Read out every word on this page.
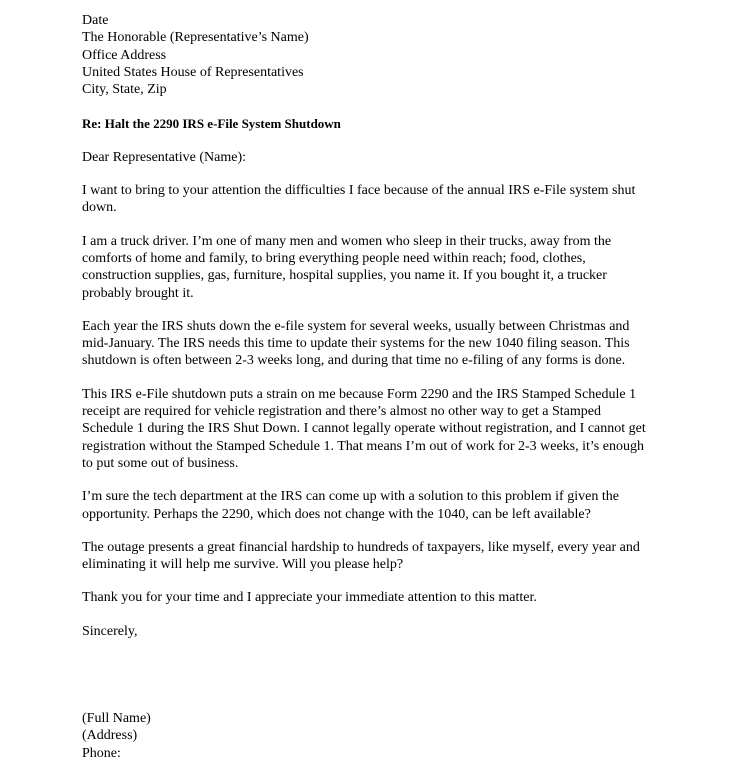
Date
The Honorable (Representative’s Name)
Office Address
United States House of Representatives
City, State, Zip

Re: Halt the 2290 IRS e-File System Shutdown

Dear Representative (Name):

I want to bring to your attention the difficulties I face because of the annual IRS e-File system shut down.

I am a truck driver. I’m one of many men and women who sleep in their trucks, away from the comforts of home and family, to bring everything people need within reach; food, clothes, construction supplies, gas, furniture, hospital supplies, you name it. If you bought it, a trucker probably brought it.

Each year the IRS shuts down the e-file system for several weeks, usually between Christmas and mid-January. The IRS needs this time to update their systems for the new 1040 filing season. This shutdown is often between 2-3 weeks long, and during that time no e-filing of any forms is done.

This IRS e-File shutdown puts a strain on me because Form 2290 and the IRS Stamped Schedule 1 receipt are required for vehicle registration and there’s almost no other way to get a Stamped Schedule 1 during the IRS Shut Down. I cannot legally operate without registration, and I cannot get registration without the Stamped Schedule 1. That means I’m out of work for 2-3 weeks, it’s enough to put some out of business.

I’m sure the tech department at the IRS can come up with a solution to this problem if given the opportunity. Perhaps the 2290, which does not change with the 1040, can be left available?

The outage presents a great financial hardship to hundreds of taxpayers, like myself, every year and eliminating it will help me survive. Will you please help?

Thank you for your time and I appreciate your immediate attention to this matter.

Sincerely,

(Full Name)
(Address)
Phone:
